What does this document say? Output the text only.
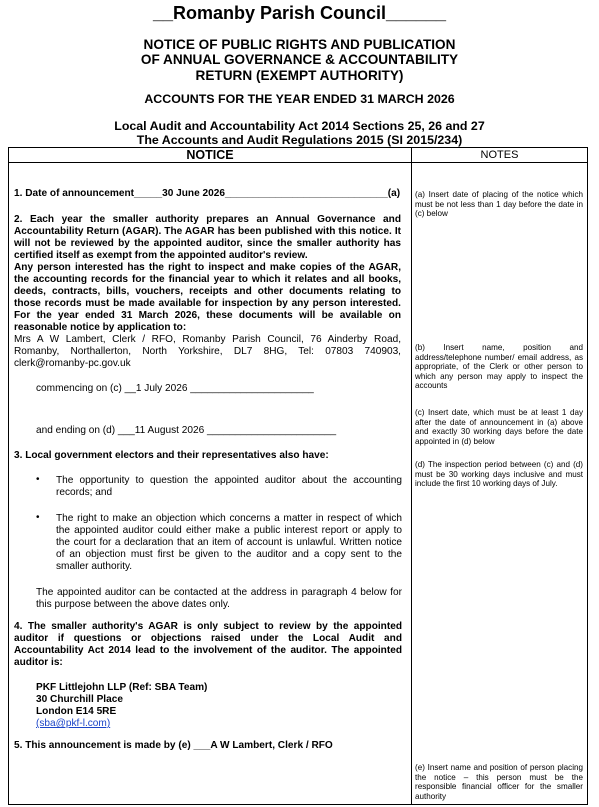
__Romanby Parish Council______
NOTICE OF PUBLIC RIGHTS AND PUBLICATION
OF ANNUAL GOVERNANCE & ACCOUNTABILITY
RETURN (EXEMPT AUTHORITY)
ACCOUNTS FOR THE YEAR ENDED 31 MARCH 2026
Local Audit and Accountability Act 2014 Sections 25, 26 and 27
The Accounts and Audit Regulations 2015 (SI 2015/234)
NOTICE	NOTES
1. Date of announcement_____30 June 2026_____________________________(a)
2. Each year the smaller authority prepares an Annual Governance and Accountability Return (AGAR). The AGAR has been published with this notice. It will not be reviewed by the appointed auditor, since the smaller authority has certified itself as exempt from the appointed auditor's review.
Any person interested has the right to inspect and make copies of the AGAR, the accounting records for the financial year to which it relates and all books, deeds, contracts, bills, vouchers, receipts and other documents relating to those records must be made available for inspection by any person interested. For the year ended 31 March 2026, these documents will be available on reasonable notice by application to:
Mrs A W Lambert, Clerk / RFO, Romanby Parish Council, 76 Ainderby Road, Romanby, Northallerton, North Yorkshire, DL7 8HG, Tel: 07803 740903, clerk@romanby-pc.gov.uk
commencing on (c) __1 July 2026 ______________________
and ending on (d) ___11 August 2026 _______________________
3. Local government electors and their representatives also have:
• The opportunity to question the appointed auditor about the accounting records; and
• The right to make an objection which concerns a matter in respect of which the appointed auditor could either make a public interest report or apply to the court for a declaration that an item of account is unlawful. Written notice of an objection must first be given to the auditor and a copy sent to the smaller authority.
The appointed auditor can be contacted at the address in paragraph 4 below for this purpose between the above dates only.
4. The smaller authority's AGAR is only subject to review by the appointed auditor if questions or objections raised under the Local Audit and Accountability Act 2014 lead to the involvement of the auditor. The appointed auditor is:
PKF Littlejohn LLP (Ref: SBA Team)
30 Churchill Place
London E14 5RE
(sba@pkf-l.com)
5. This announcement is made by (e) ___A W Lambert, Clerk / RFO
(a) Insert date of placing of the notice which must be not less than 1 day before the date in (c) below
(b) Insert name, position and address/telephone number/ email address, as appropriate, of the Clerk or other person to which any person may apply to inspect the accounts
(c) Insert date, which must be at least 1 day after the date of announcement in (a) above and exactly 30 working days before the date appointed in (d) below
(d) The inspection period between (c) and (d) must be 30 working days inclusive and must include the first 10 working days of July.
(e) Insert name and position of person placing the notice – this person must be the responsible financial officer for the smaller authority
